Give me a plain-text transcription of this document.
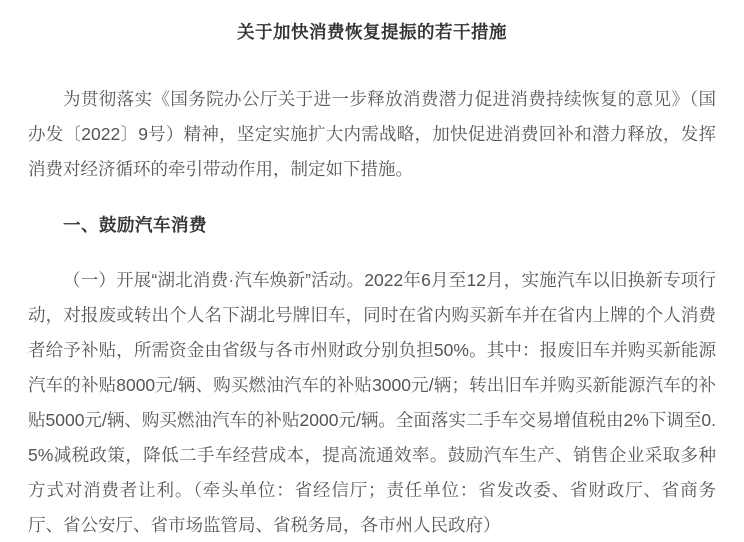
关于加快消费恢复提振的若干措施

为贯彻落实《国务院办公厅关于进一步释放消费潜力促进消费持续恢复的意见》（国办发〔2022〕9号）精神，坚定实施扩大内需战略，加快促进消费回补和潜力释放，发挥消费对经济循环的牵引带动作用，制定如下措施。

一、鼓励汽车消费

（一）开展“湖北消费·汽车焕新”活动。2022年6月至12月，实施汽车以旧换新专项行动，对报废或转出个人名下湖北号牌旧车，同时在省内购买新车并在省内上牌的个人消费者给予补贴，所需资金由省级与各市州财政分别负担50%。其中：报废旧车并购买新能源汽车的补贴8000元/辆、购买燃油汽车的补贴3000元/辆；转出旧车并购买新能源汽车的补贴5000元/辆、购买燃油汽车的补贴2000元/辆。全面落实二手车交易增值税由2%下调至0.5%减税政策，降低二手车经营成本，提高流通效率。鼓励汽车生产、销售企业采取多种方式对消费者让利。（牵头单位：省经信厅；责任单位：省发改委、省财政厅、省商务厅、省公安厅、省市场监管局、省税务局，各市州人民政府）
